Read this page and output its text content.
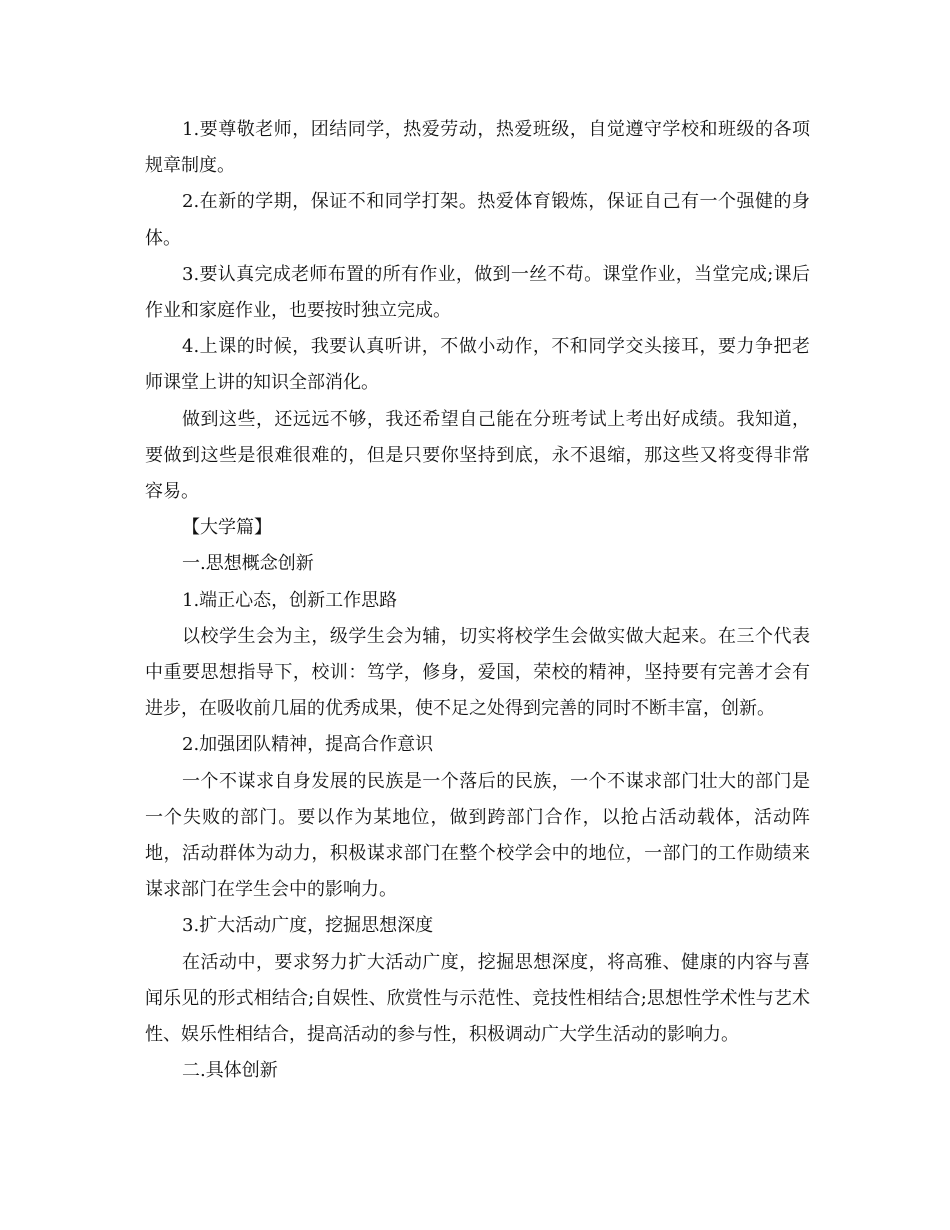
1.要尊敬老师，团结同学，热爱劳动，热爱班级，自觉遵守学校和班级的各项规章制度。

2.在新的学期，保证不和同学打架。热爱体育锻炼，保证自己有一个强健的身体。

3.要认真完成老师布置的所有作业，做到一丝不苟。课堂作业，当堂完成;课后作业和家庭作业，也要按时独立完成。

4.上课的时候，我要认真听讲，不做小动作，不和同学交头接耳，要力争把老师课堂上讲的知识全部消化。

做到这些，还远远不够，我还希望自己能在分班考试上考出好成绩。我知道，要做到这些是很难很难的，但是只要你坚持到底，永不退缩，那这些又将变得非常容易。

【大学篇】

一.思想概念创新

1.端正心态，创新工作思路

以校学生会为主，级学生会为辅，切实将校学生会做实做大起来。在三个代表中重要思想指导下，校训：笃学，修身，爱国，荣校的精神，坚持要有完善才会有进步，在吸收前几届的优秀成果，使不足之处得到完善的同时不断丰富，创新。

2.加强团队精神，提高合作意识

一个不谋求自身发展的民族是一个落后的民族，一个不谋求部门壮大的部门是一个失败的部门。要以作为某地位，做到跨部门合作，以抢占活动载体，活动阵地，活动群体为动力，积极谋求部门在整个校学会中的地位，一部门的工作勋绩来谋求部门在学生会中的影响力。

3.扩大活动广度，挖掘思想深度

在活动中，要求努力扩大活动广度，挖掘思想深度，将高雅、健康的内容与喜闻乐见的形式相结合;自娱性、欣赏性与示范性、竞技性相结合;思想性学术性与艺术性、娱乐性相结合，提高活动的参与性，积极调动广大学生活动的影响力。

二.具体创新
